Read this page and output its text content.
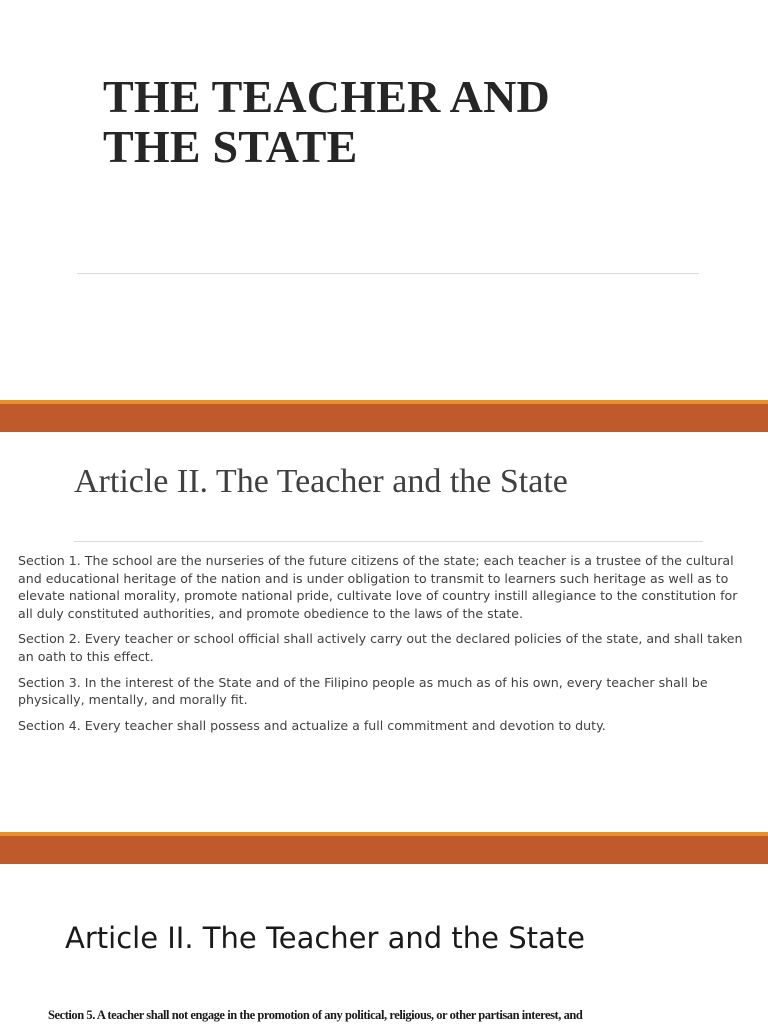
THE TEACHER AND
THE STATE
Article II. The Teacher and the State

Section 1. The school are the nurseries of the future citizens of the state; each teacher is a trustee of the cultural and educational heritage of the nation and is under obligation to transmit to learners such heritage as well as to elevate national morality, promote national pride, cultivate love of country instill allegiance to the constitution for all duly constituted authorities, and promote obedience to the laws of the state.

Section 2. Every teacher or school official shall actively carry out the declared policies of the state, and shall taken an oath to this effect.

Section 3. In the interest of the State and of the Filipino people as much as of his own, every teacher shall be physically, mentally, and morally fit.

Section 4. Every teacher shall possess and actualize a full commitment and devotion to duty.

Article II. The Teacher and the State

Section 5. A teacher shall not engage in the promotion of any political, religious, or other partisan interest, and
